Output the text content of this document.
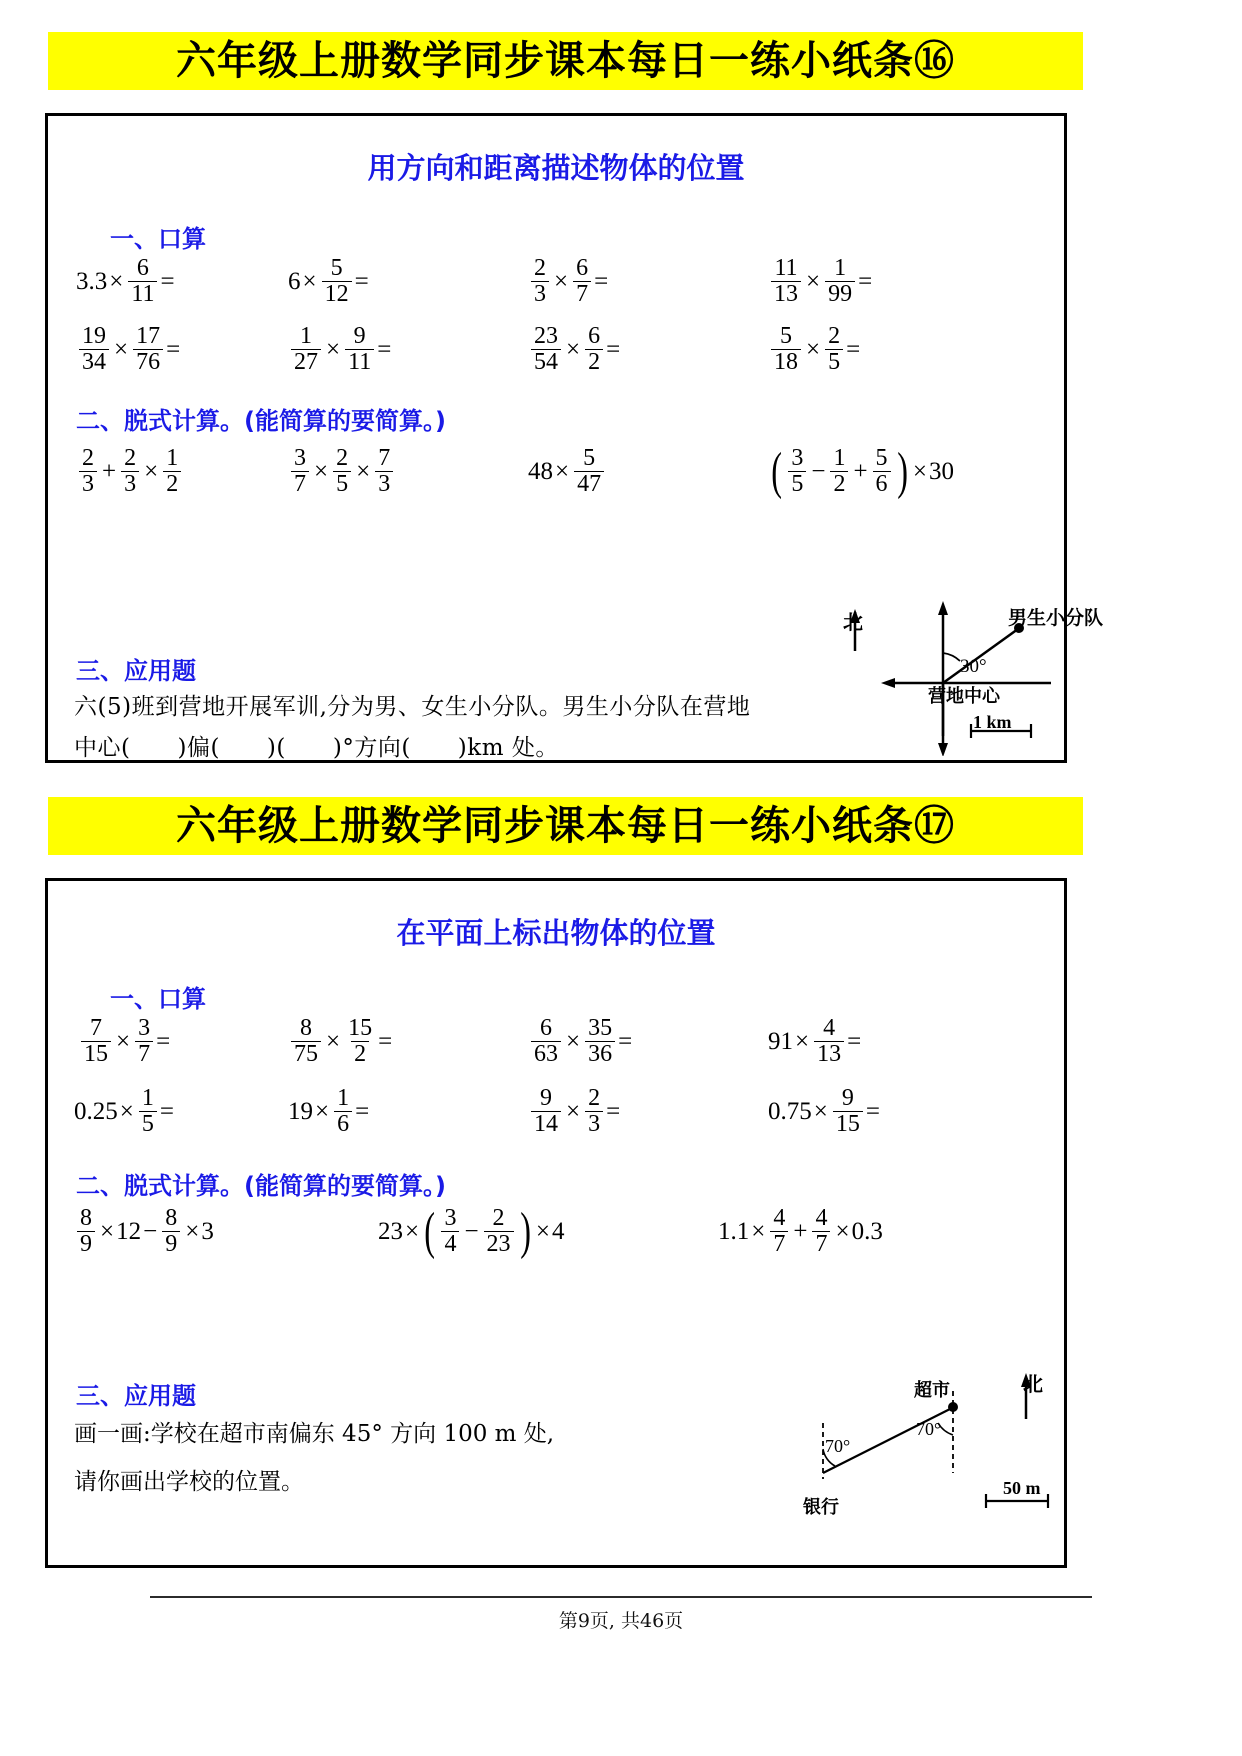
六年级上册数学同步课本每日一练小纸条⑯
用方向和距离描述物体的位置
一、口算
$3.3 \times \frac{6}{11}$ =	$6 \times \frac{5}{12}$ =	$\frac{2}{3} \times \frac{6}{7}$ =	$\frac{11}{13} \times \frac{1}{99}$ =
$\frac{19}{34} \times \frac{17}{76}$ =	$\frac{1}{27} \times \frac{9}{11}$ =	$\frac{23}{54} \times \frac{6}{2}$ =	$\frac{5}{18} \times \frac{2}{5}$ =
二、脱式计算。(能简算的要简算。)
$\frac{2}{3} + \frac{2}{3} \times \frac{1}{2}$	$\frac{3}{7} \times \frac{2}{5} \times \frac{7}{3}$	$48 \times \frac{5}{47}$	( $\frac{3}{5} - \frac{1}{2} + \frac{5}{6}$ ) × 30
三、应用题
六(5)班到营地开展军训,分为男、女生小分队。男生小分队在营地
中心(　　)偏(　　)(　　)°方向(　　)km 处。
北	男生小分队
30°
营地中心
1 km
六年级上册数学同步课本每日一练小纸条⑰
在平面上标出物体的位置
一、口算
$\frac{7}{15} \times \frac{3}{7}$ =	$\frac{8}{75} \times \frac{15}{2}$ =	$\frac{6}{63} \times \frac{35}{36}$ =	$91 \times \frac{4}{13}$ =
$0.25 \times \frac{1}{5}$ =	$19 \times \frac{1}{6}$ =	$\frac{9}{14} \times \frac{2}{3}$ =	$0.75 \times \frac{9}{15}$ =
二、脱式计算。(能简算的要简算。)
$\frac{8}{9} \times 12 - \frac{8}{9} \times 3$	23 × ( $\frac{3}{4} - \frac{2}{23}$ ) × 4	$1.1 \times \frac{4}{7} + \frac{4}{7} \times 0.3$
三、应用题
画一画:学校在超市南偏东 45° 方向 100 m 处,
请你画出学校的位置。
北
超市
银行
70°
70°
50 m
第9页, 共46页
